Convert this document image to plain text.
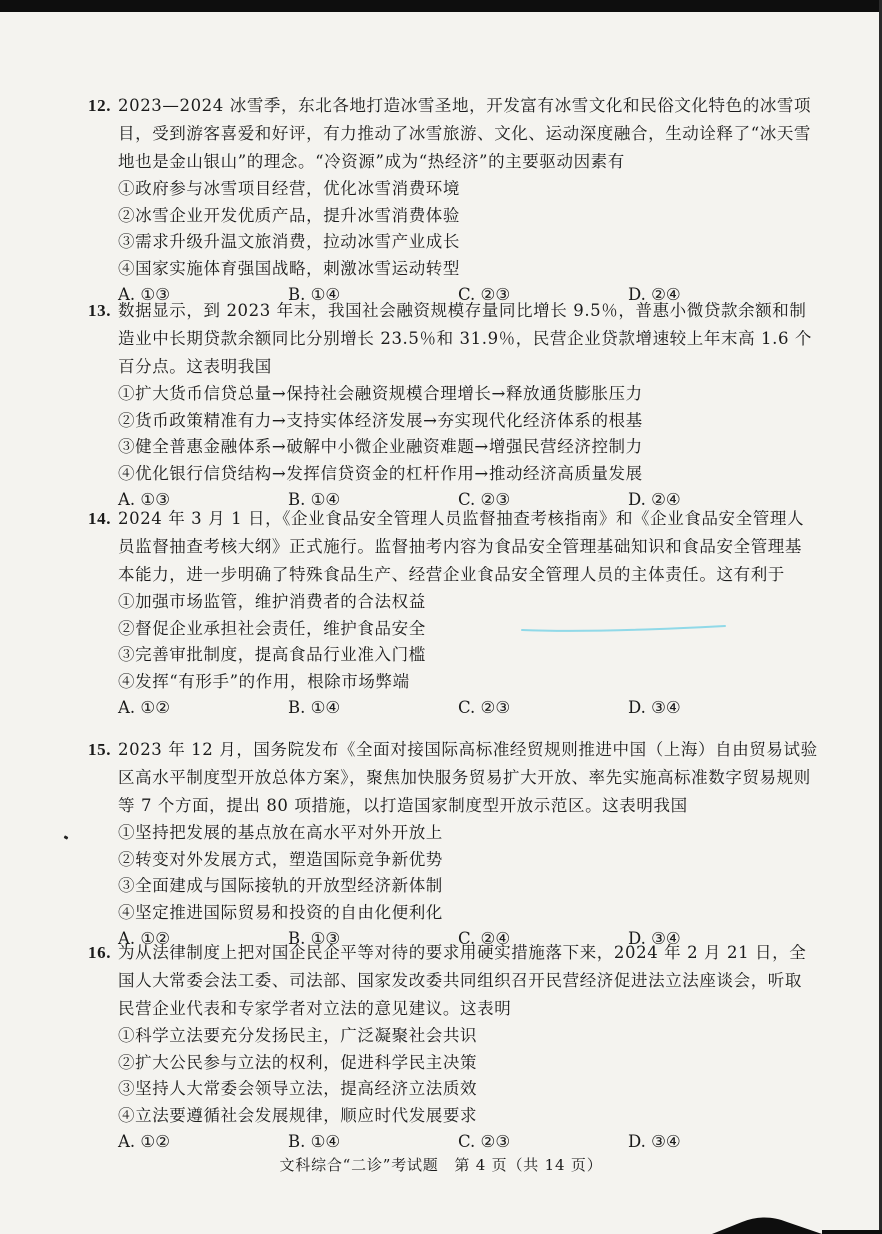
12. 2023—2024 冰雪季，东北各地打造冰雪圣地，开发富有冰雪文化和民俗文化特色的冰雪项目，受到游客喜爱和好评，有力推动了冰雪旅游、文化、运动深度融合，生动诠释了“冰天雪地也是金山银山”的理念。“冷资源”成为“热经济”的主要驱动因素有

①政府参与冰雪项目经营，优化冰雪消费环境
②冰雪企业开发优质产品，提升冰雪消费体验
③需求升级升温文旅消费，拉动冰雪产业成长
④国家实施体育强国战略，刺激冰雪运动转型
A. ①③	B. ①④	C. ②③	D. ②④

13. 数据显示，到 2023 年末，我国社会融资规模存量同比增长 9.5％，普惠小微贷款余额和制造业中长期贷款余额同比分别增长 23.5％和 31.9％，民营企业贷款增速较上年末高 1.6 个百分点。这表明我国

①扩大货币信贷总量→保持社会融资规模合理增长→释放通货膨胀压力
②货币政策精准有力→支持实体经济发展→夯实现代化经济体系的根基
③健全普惠金融体系→破解中小微企业融资难题→增强民营经济控制力
④优化银行信贷结构→发挥信贷资金的杠杆作用→推动经济高质量发展
A. ①③	B. ①④	C. ②③	D. ②④

14. 2024 年 3 月 1 日，《企业食品安全管理人员监督抽查考核指南》和《企业食品安全管理人员监督抽查考核大纲》正式施行。监督抽考内容为食品安全管理基础知识和食品安全管理基本能力，进一步明确了特殊食品生产、经营企业食品安全管理人员的主体责任。这有利于

①加强市场监管，维护消费者的合法权益
②督促企业承担社会责任，维护食品安全
③完善审批制度，提高食品行业准入门槛
④发挥“有形手”的作用，根除市场弊端
A. ①②	B. ①④	C. ②③	D. ③④

15. 2023 年 12 月，国务院发布《全面对接国际高标准经贸规则推进中国（上海）自由贸易试验区高水平制度型开放总体方案》，聚焦加快服务贸易扩大开放、率先实施高标准数字贸易规则等 7 个方面，提出 80 项措施，以打造国家制度型开放示范区。这表明我国

①坚持把发展的基点放在高水平对外开放上
②转变对外发展方式，塑造国际竞争新优势
③全面建成与国际接轨的开放型经济新体制
④坚定推进国际贸易和投资的自由化便利化
A. ①②	B. ①③	C. ②④	D. ③④

16. 为从法律制度上把对国企民企平等对待的要求用硬实措施落下来，2024 年 2 月 21 日，全国人大常委会法工委、司法部、国家发改委共同组织召开民营经济促进法立法座谈会，听取民营企业代表和专家学者对立法的意见建议。这表明

①科学立法要充分发扬民主，广泛凝聚社会共识
②扩大公民参与立法的权利，促进科学民主决策
③坚持人大常委会领导立法，提高经济立法质效
④立法要遵循社会发展规律，顺应时代发展要求
A. ①②	B. ①④	C. ②③	D. ③④
文科综合“二诊”考试题　第 4 页（共 14 页）
